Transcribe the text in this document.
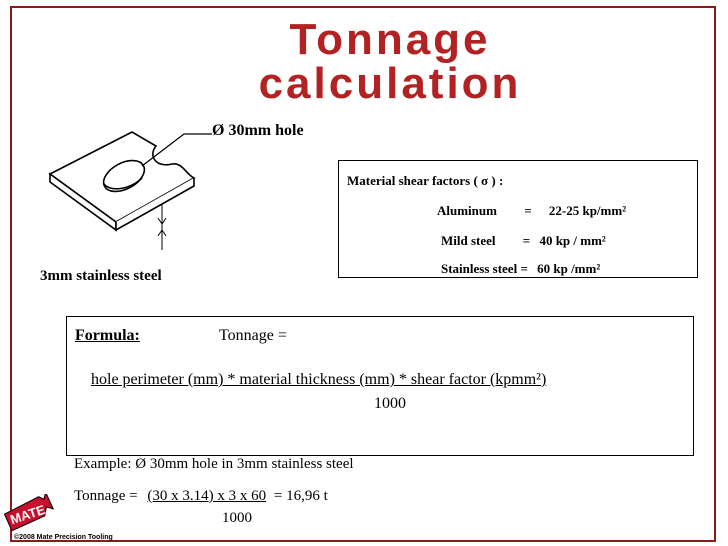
Tonnage
calculation
Ø 30mm hole
3mm stainless steel
Material shear factors ( σ ) :
Aluminum = 22-25 kp/mm²
Mild steel = 40 kp / mm²
Stainless steel = 60 kp /mm²
Formula:	Tonnage =
hole perimeter (mm) * material thickness (mm) * shear factor (kpmm²)
1000
Example: Ø 30mm hole in 3mm stainless steel
Tonnage = (30 x 3.14) x 3 x 60 = 16,96 t
1000
MATE
©2008 Mate Precision Tooling
